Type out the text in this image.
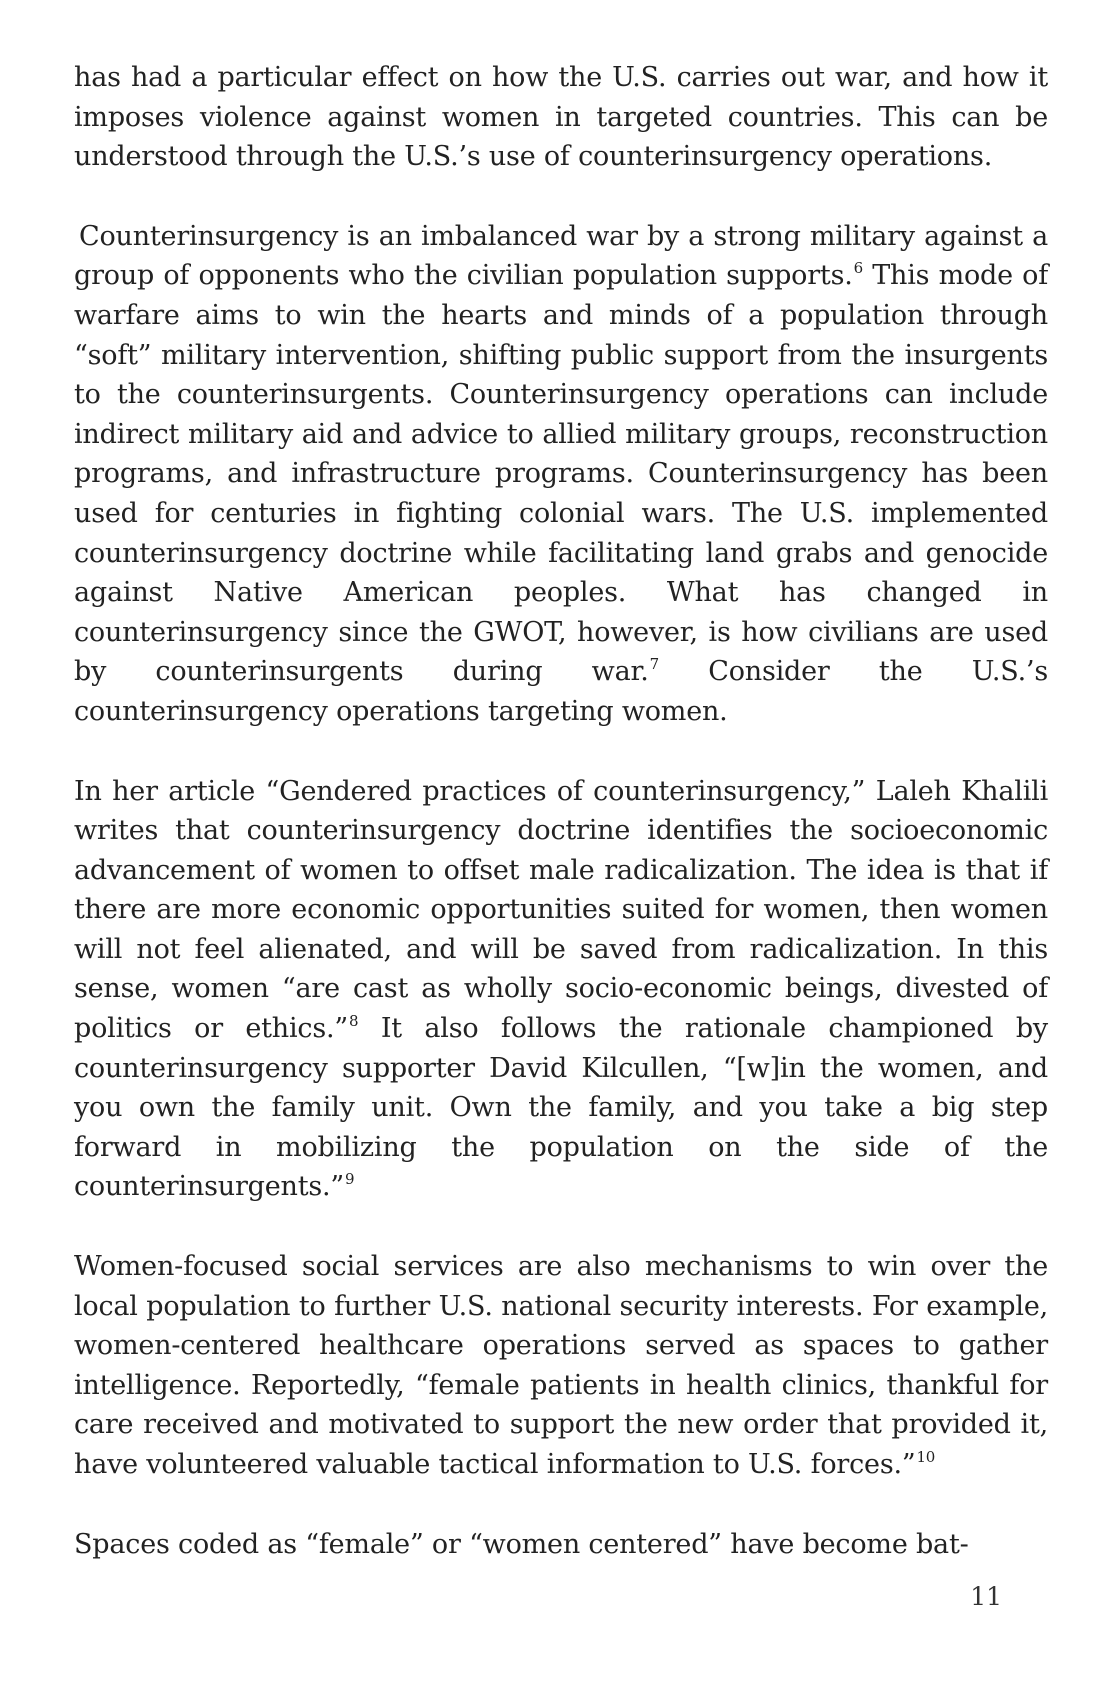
has had a particular effect on how the U.S. carries out war, and how it imposes violence against women in targeted countries. This can be understood through the U.S.’s use of counterinsurgency operations.

Counterinsurgency is an imbalanced war by a strong military against a group of opponents who the civilian population supports.$^6$ This mode of warfare aims to win the hearts and minds of a population through “soft” military intervention, shifting public support from the insurgents to the counterinsurgents. Counterinsurgency operations can include indirect military aid and advice to allied military groups, reconstruction programs, and infrastructure programs. Counterinsurgency has been used for centuries in fighting colonial wars. The U.S. implemented counterinsurgency doctrine while facilitating land grabs and genocide against Native American peoples. What has changed in counterinsurgency since the GWOT, however, is how civilians are used by counterinsurgents during war.$^7$ Consider the U.S.’s counterinsurgency operations targeting women.

In her article “Gendered practices of counterinsurgency,” Laleh Khalili writes that counterinsurgency doctrine identifies the socioeconomic advancement of women to offset male radicalization. The idea is that if there are more economic opportunities suited for women, then women will not feel alienated, and will be saved from radicalization. In this sense, women “are cast as wholly socio-economic beings, divested of politics or ethics.”$^8$ It also follows the rationale championed by counterinsurgency supporter David Kilcullen, “[w]in the women, and you own the family unit. Own the family, and you take a big step forward in mobilizing the population on the side of the counterinsurgents.”$^9$

Women-focused social services are also mechanisms to win over the local population to further U.S. national security interests. For example, women-centered healthcare operations served as spaces to gather intelligence. Reportedly, “female patients in health clinics, thankful for care received and motivated to support the new order that provided it, have volunteered valuable tactical information to U.S. forces.”$^{10}$

Spaces coded as “female” or “women centered” have become bat-

11
